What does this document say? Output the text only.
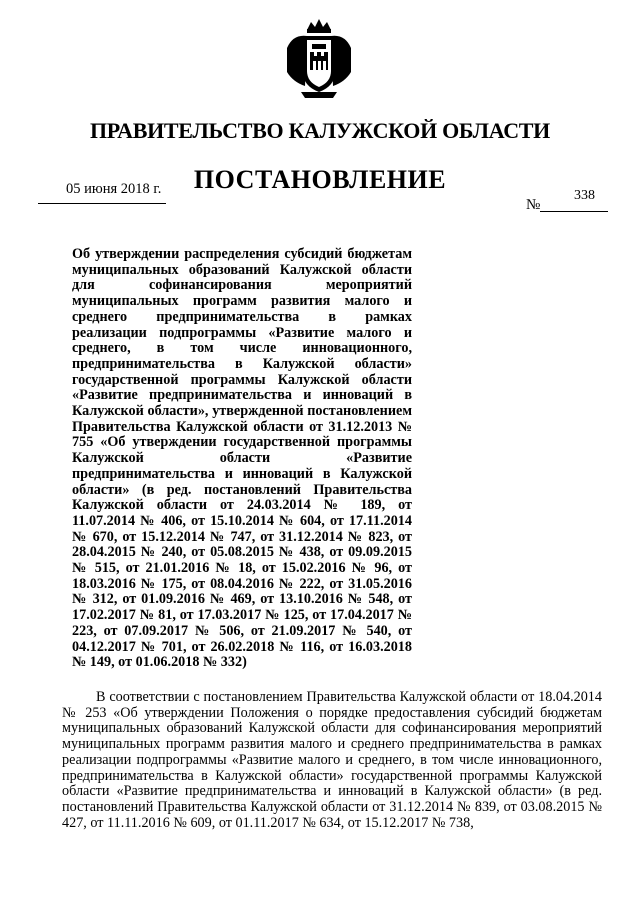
ПРАВИТЕЛЬСТВО КАЛУЖСКОЙ ОБЛАСТИ
ПОСТАНОВЛЕНИЕ
05 июня 2018 г.
№
338
Об утверждении распределения субсидий бюджетам муниципальных образований Калужской области для софинансирования мероприятий муниципальных программ развития малого и среднего предпринимательства в рамках реализации подпрограммы «Развитие малого и среднего, в том числе инновационного, предпринимательства в Калужской области» государственной программы Калужской области «Развитие предпринимательства и инноваций в Калужской области», утвержденной постановлением Правительства Калужской области от 31.12.2013 № 755 «Об утверждении государственной программы Калужской области «Развитие предпринимательства и инноваций в Калужской области» (в ред. постановлений Правительства Калужской области от 24.03.2014 № 189, от 11.07.2014 № 406, от 15.10.2014 № 604, от 17.11.2014 № 670, от 15.12.2014 № 747, от 31.12.2014 № 823, от 28.04.2015 № 240, от 05.08.2015 № 438, от 09.09.2015 № 515, от 21.01.2016 № 18, от 15.02.2016 № 96, от 18.03.2016 № 175, от 08.04.2016 № 222, от 31.05.2016 № 312, от 01.09.2016 № 469, от 13.10.2016 № 548, от 17.02.2017 № 81, от 17.03.2017 № 125, от 17.04.2017 № 223, от 07.09.2017 № 506, от 21.09.2017 № 540, от 04.12.2017 № 701, от 26.02.2018 № 116, от 16.03.2018 № 149, от 01.06.2018 № 332)
В соответствии с постановлением Правительства Калужской области от 18.04.2014 № 253 «Об утверждении Положения о порядке предоставления субсидий бюджетам муниципальных образований Калужской области для софинансирования мероприятий муниципальных программ развития малого и среднего предпринимательства в рамках реализации подпрограммы «Развитие малого и среднего, в том числе инновационного, предпринимательства в Калужской области» государственной программы Калужской области «Развитие предпринимательства и инноваций в Калужской области» (в ред. постановлений Правительства Калужской области от 31.12.2014 № 839, от 03.08.2015 № 427, от 11.11.2016 № 609, от 01.11.2017 № 634, от 15.12.2017 № 738,
